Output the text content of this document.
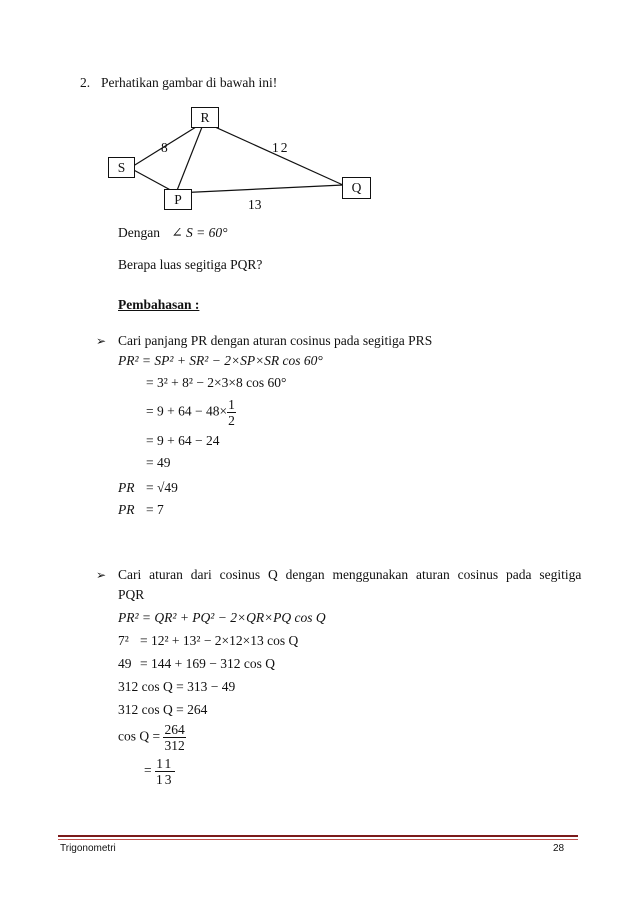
2. Perhatikan gambar di bawah ini!
R
S
P
Q
8	12
13
Dengan ∠ S = 60°
Berapa luas segitiga PQR?
Pembahasan :
➢ Cari panjang PR dengan aturan cosinus pada segitiga PRS
PR² = SP² + SR² − 2×SP×SR cos 60°
= 3² + 8² − 2×3×8 cos 60°
= $9 + 64 - 48\times \frac{1}{2}$
= 9 + 64 − 24
= 49
PR = √49
PR = 7
➢ Cari aturan dari cosinus Q dengan menggunakan aturan cosinus pada segitiga
PQR
PR² = QR² + PQ² − 2×QR×PQ cos Q
7² = 12² + 13² − 2×12×13 cos Q
49 = 144 + 169 − 312 cos Q
312 cos Q = 313 − 49
312 cos Q = 264
$\cos Q = \frac{264}{312}$
= $\frac{11}{13}$
Trigonometri	28
